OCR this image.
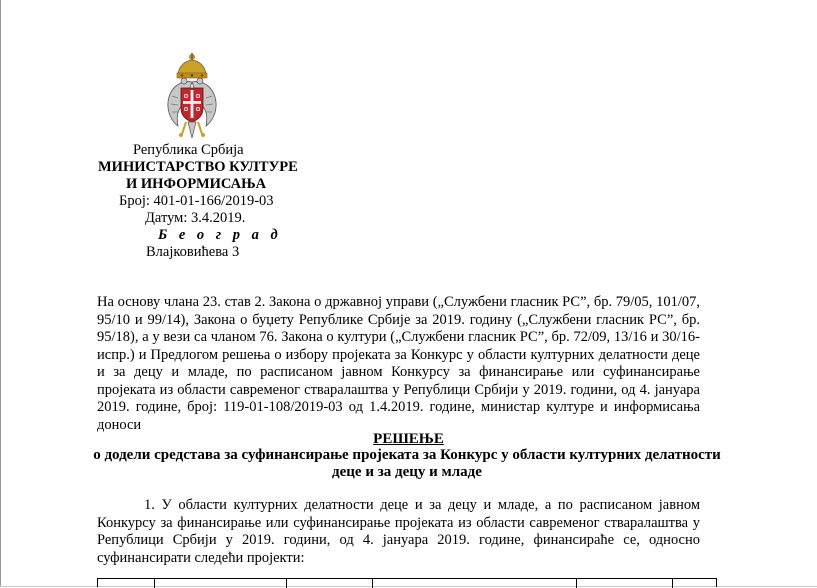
Република Србија
МИНИСТАРСТВО КУЛТУРЕ
И ИНФОРМИСАЊА
Број: 401-01-166/2019-03
Датум: 3.4.2019.
Б е о г р а д
Влајковићева 3
На основу члана 23. став 2. Закона о државној управи („Службени гласник РС”, бр. 79/05, 101/07,
95/10 и 99/14), Закона о буџету Републике Србије за 2019. годину („Службени гласник РС”, бр.
95/18), а у вези са чланом 76. Закона о култури („Службени гласник РС”, бр. 72/09, 13/16 и 30/16-
испр.) и Предлогом решења о избору пројеката за Конкурс у области културних делатности деце
и за децу и младе, по расписаном јавном Конкурсу за финансирање или суфинансирање
пројеката из области савременог стваралаштва у Републици Србији у 2019. години, од 4. јануара
2019. године, број: 119-01-108/2019-03 од 1.4.2019. године, министар културе и информисања
доноси
РЕШЕЊЕ
о додели средстава за суфинансирање пројеката за Конкурс у области културних делатности
деце и за децу и младе
1. У области културних делатности деце и за децу и младе, а по расписаном јавном
Конкурсу за финансирање или суфинансирање пројеката из области савременог стваралаштва у
Републици Србији у 2019. години, од 4. јануара 2019. године, финансираће се, односно
суфинансирати следећи пројекти:
